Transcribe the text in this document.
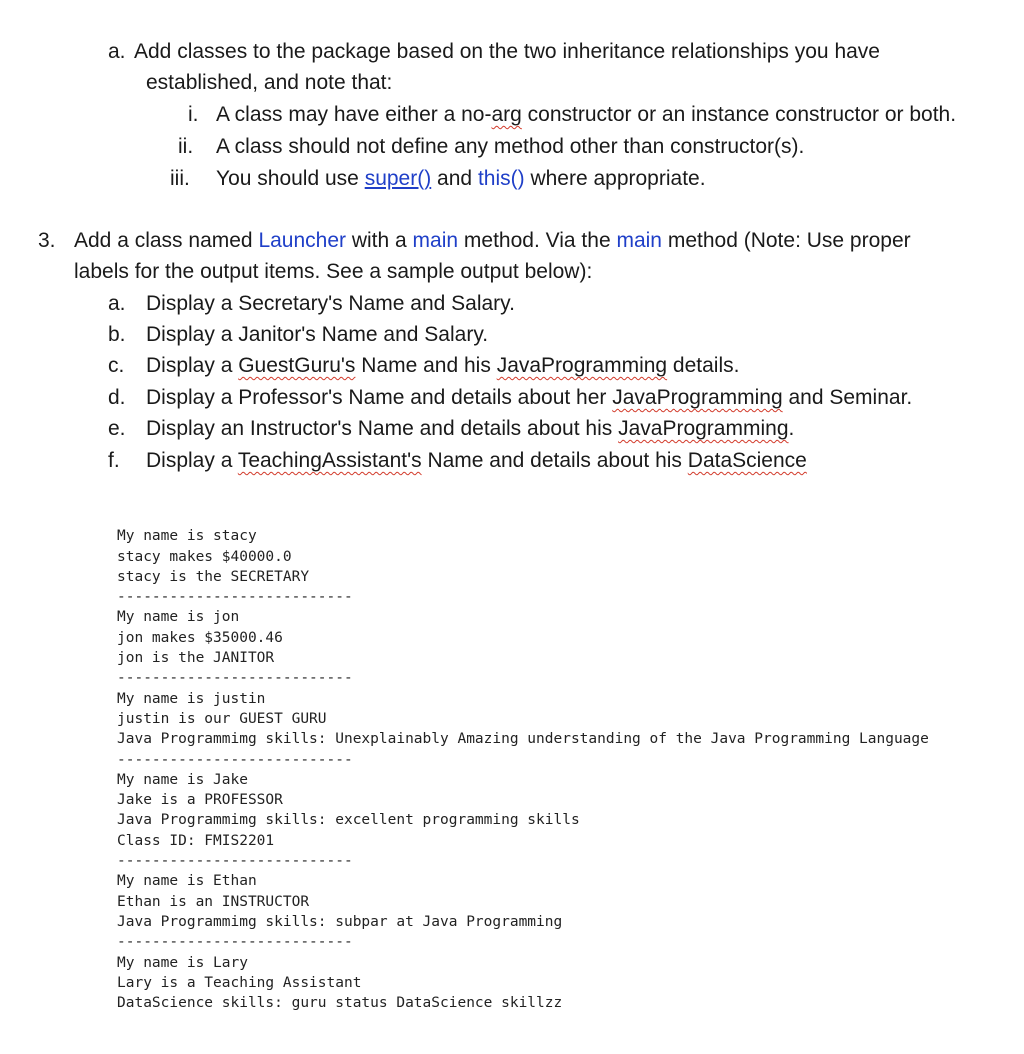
a. Add classes to the package based on the two inheritance relationships you have
established, and note that:
i. A class may have either a no-arg constructor or an instance constructor or both.
ii. A class should not define any method other than constructor(s).
iii. You should use super() and this() where appropriate.
3. Add a class named Launcher with a main method. Via the main method (Note: Use proper
labels for the output items. See a sample output below):
a. Display a Secretary's Name and Salary.
b. Display a Janitor's Name and Salary.
c. Display a GuestGuru's Name and his JavaProgramming details.
d. Display a Professor's Name and details about her JavaProgramming and Seminar.
e. Display an Instructor's Name and details about his JavaProgramming.
f. Display a TeachingAssistant's Name and details about his DataScience

My name is stacy
stacy makes $40000.0
stacy is the SECRETARY
---------------------------
My name is jon
jon makes $35000.46
jon is the JANITOR
---------------------------
My name is justin
justin is our GUEST GURU
Java Programmimg skills: Unexplainably Amazing understanding of the Java Programming Language
---------------------------
My name is Jake
Jake is a PROFESSOR
Java Programmimg skills: excellent programming skills
Class ID: FMIS2201
---------------------------
My name is Ethan
Ethan is an INSTRUCTOR
Java Programmimg skills: subpar at Java Programming
---------------------------
My name is Lary
Lary is a Teaching Assistant
DataScience skills: guru status DataScience skillzz
